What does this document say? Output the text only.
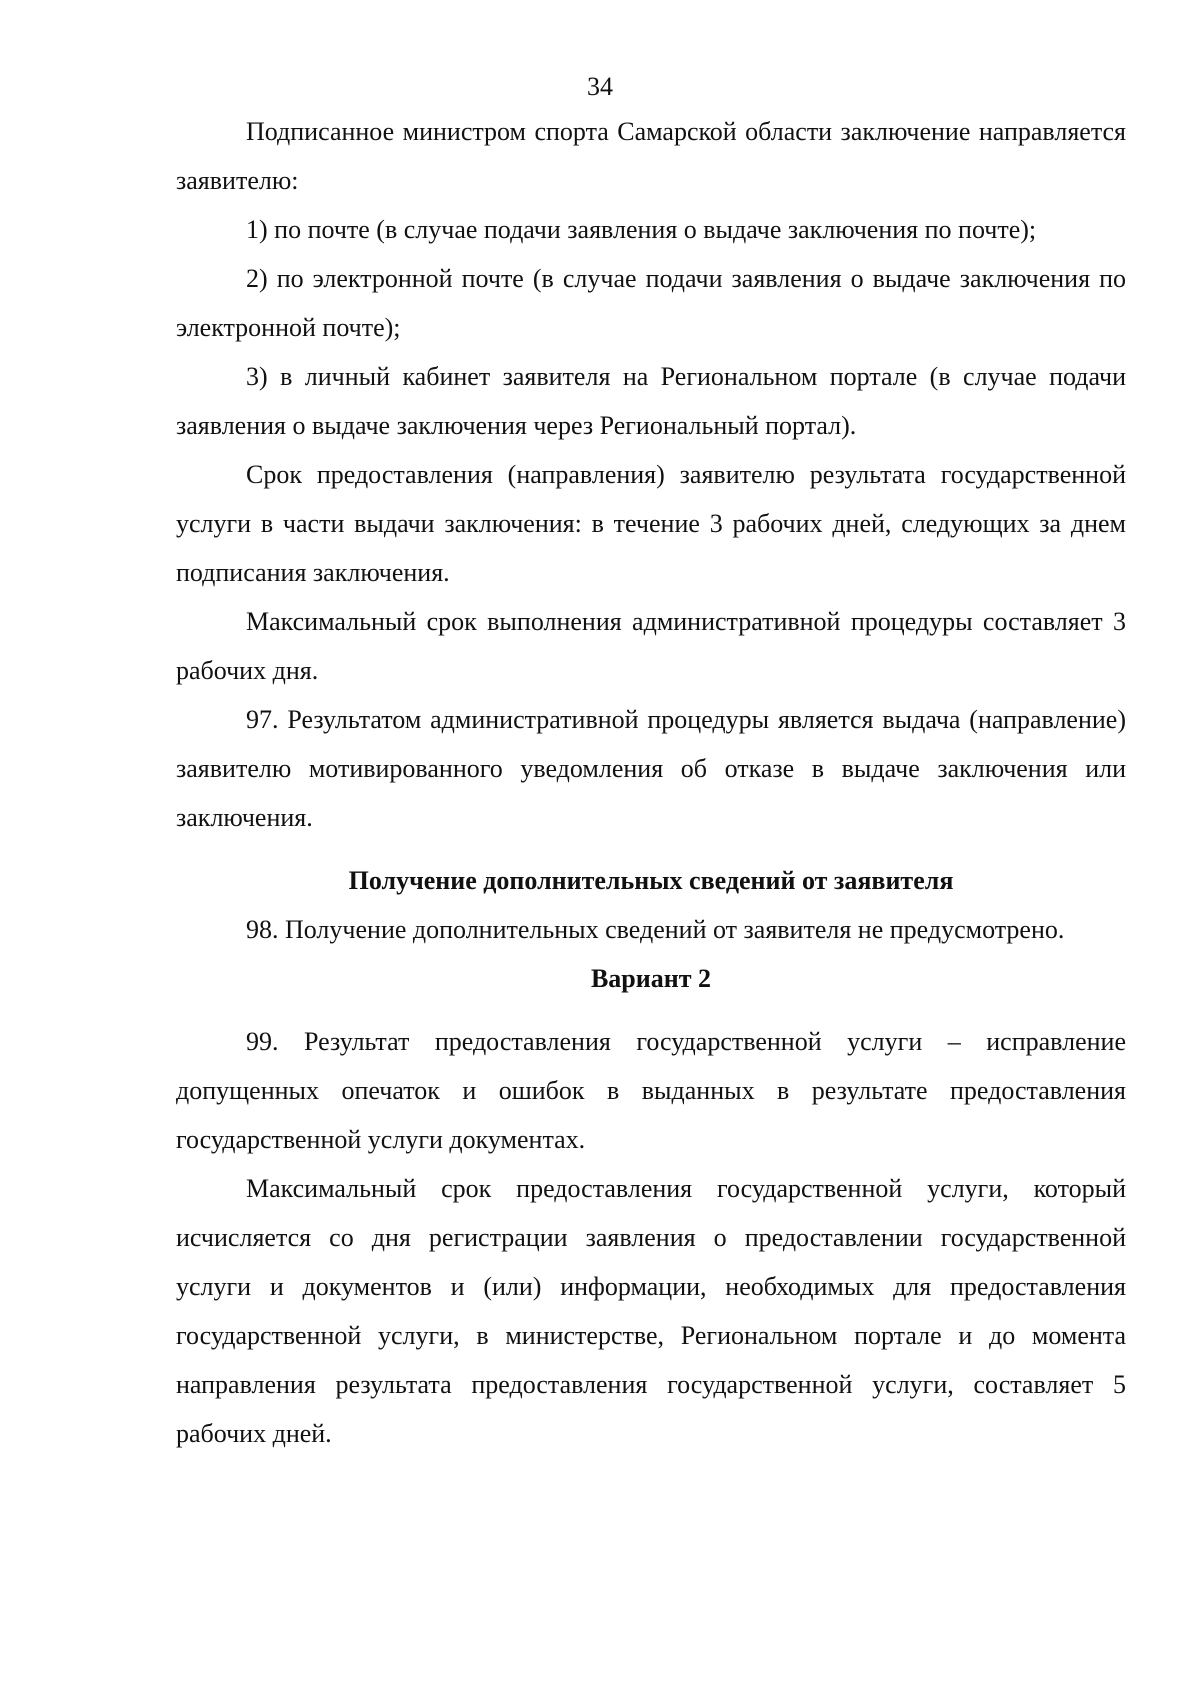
34

Подписанное министром спорта Самарской области заключение направляется заявителю:

1) по почте (в случае подачи заявления о выдаче заключения по почте);

2) по электронной почте (в случае подачи заявления о выдаче заключения по электронной почте);

3) в личный кабинет заявителя на Региональном портале (в случае подачи заявления о выдаче заключения через Региональный портал).

Срок предоставления (направления) заявителю результата государственной услуги в части выдачи заключения: в течение 3 рабочих дней, следующих за днем подписания заключения.

Максимальный срок выполнения административной процедуры составляет 3 рабочих дня.

97. Результатом административной процедуры является выдача (направление) заявителю мотивированного уведомления об отказе в выдаче заключения или заключения.

Получение дополнительных сведений от заявителя

98. Получение дополнительных сведений от заявителя не предусмотрено.

Вариант 2

99. Результат предоставления государственной услуги – исправление допущенных опечаток и ошибок в выданных в результате предоставления государственной услуги документах.

Максимальный срок предоставления государственной услуги, который исчисляется со дня регистрации заявления о предоставлении государственной услуги и документов и (или) информации, необходимых для предоставления государственной услуги, в министерстве, Региональном портале и до момента направления результата предоставления государственной услуги, составляет 5 рабочих дней.
